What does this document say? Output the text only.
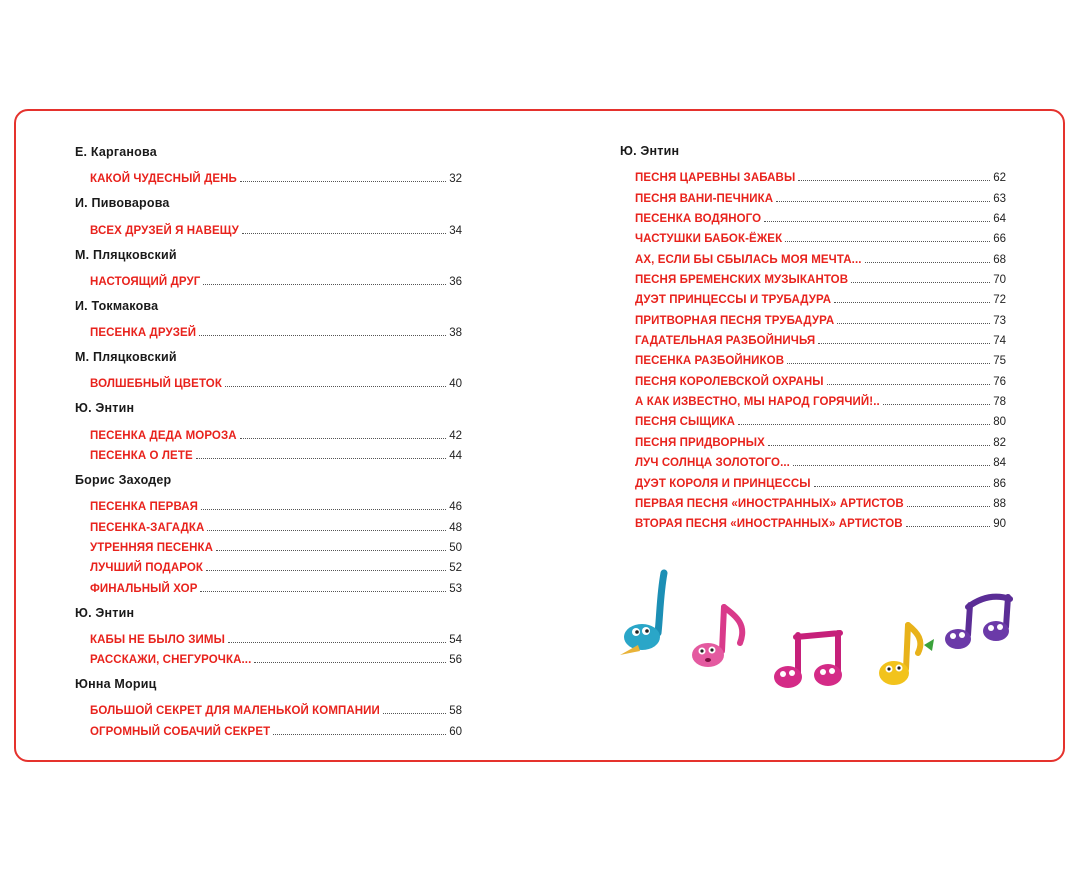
Е. Карганова
КАКОЙ ЧУДЕСНЫЙ ДЕНЬ	32
И. Пивоварова
ВСЕХ ДРУЗЕЙ Я НАВЕЩУ	34
М. Пляцковский
НАСТОЯЩИЙ ДРУГ	36
И. Токмакова
ПЕСЕНКА ДРУЗЕЙ	38
М. Пляцковский
ВОЛШЕБНЫЙ ЦВЕТОК	40
Ю. Энтин
ПЕСЕНКА ДЕДА МОРОЗА	42
ПЕСЕНКА О ЛЕТЕ	44
Борис Заходер
ПЕСЕНКА ПЕРВАЯ	46
ПЕСЕНКА-ЗАГАДКА	48
УТРЕННЯЯ ПЕСЕНКА	50
ЛУЧШИЙ ПОДАРОК	52
ФИНАЛЬНЫЙ ХОР	53
Ю. Энтин
КАБЫ НЕ БЫЛО ЗИМЫ	54
РАССКАЖИ, СНЕГУРОЧКА...	56
Юнна Мориц
БОЛЬШОЙ СЕКРЕТ ДЛЯ МАЛЕНЬКОЙ КОМПАНИИ	58
ОГРОМНЫЙ СОБАЧИЙ СЕКРЕТ	60
Ю. Энтин
ПЕСНЯ ЦАРЕВНЫ ЗАБАВЫ	62
ПЕСНЯ ВАНИ-ПЕЧНИКА	63
ПЕСЕНКА ВОДЯНОГО	64
ЧАСТУШКИ БАБОК-ЁЖЕК	66
АХ, ЕСЛИ БЫ СБЫЛАСЬ МОЯ МЕЧТА...	68
ПЕСНЯ БРЕМЕНСКИХ МУЗЫКАНТОВ	70
ДУЭТ ПРИНЦЕССЫ И ТРУБАДУРА	72
ПРИТВОРНАЯ ПЕСНЯ ТРУБАДУРА	73
ГАДАТЕЛЬНАЯ РАЗБОЙНИЧЬЯ	74
ПЕСЕНКА РАЗБОЙНИКОВ	75
ПЕСНЯ КОРОЛЕВСКОЙ ОХРАНЫ	76
А КАК ИЗВЕСТНО, МЫ НАРОД ГОРЯЧИЙ!..	78
ПЕСНЯ СЫЩИКА	80
ПЕСНЯ ПРИДВОРНЫХ	82
ЛУЧ СОЛНЦА ЗОЛОТОГО...	84
ДУЭТ КОРОЛЯ И ПРИНЦЕССЫ	86
ПЕРВАЯ ПЕСНЯ «ИНОСТРАННЫХ» АРТИСТОВ	88
ВТОРАЯ ПЕСНЯ «ИНОСТРАННЫХ» АРТИСТОВ	90
